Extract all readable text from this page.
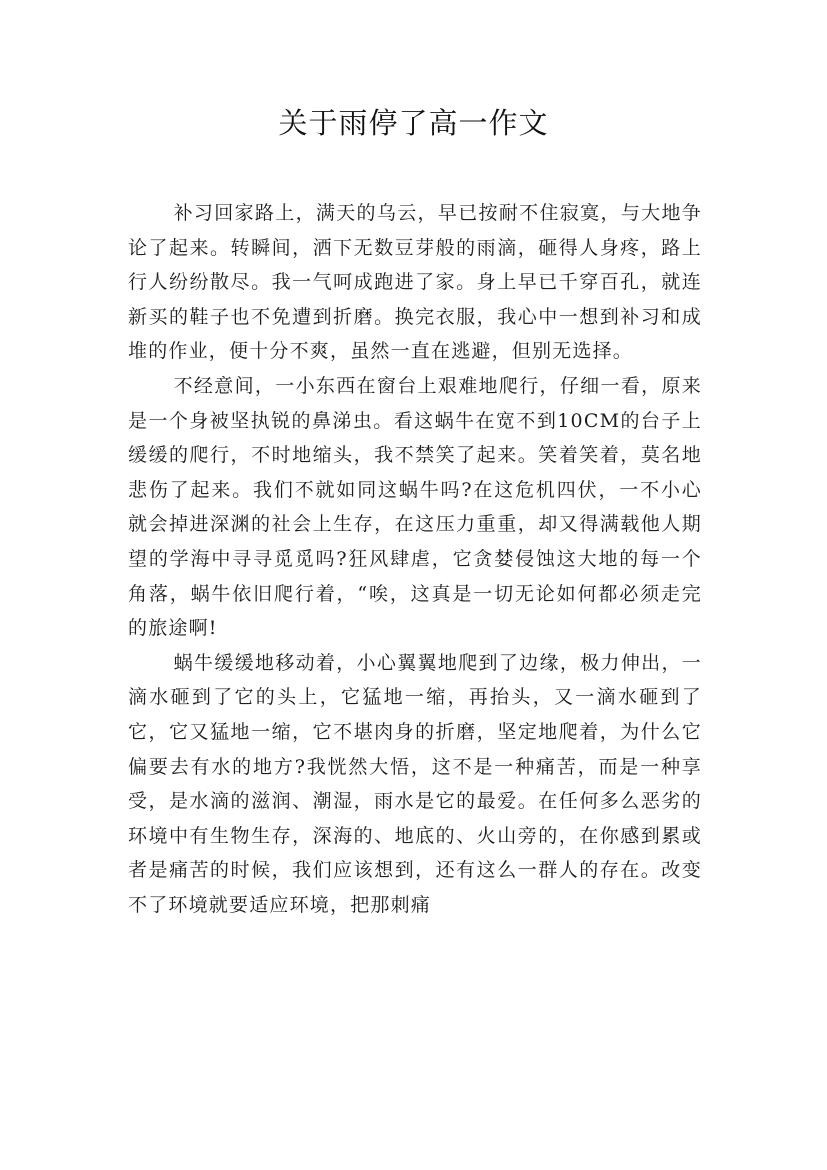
关于雨停了高一作文

补习回家路上，满天的乌云，早已按耐不住寂寞，与大地争论了起来。转瞬间，洒下无数豆芽般的雨滴，砸得人身疼，路上行人纷纷散尽。我一气呵成跑进了家。身上早已千穿百孔，就连新买的鞋子也不免遭到折磨。换完衣服，我心中一想到补习和成堆的作业，便十分不爽，虽然一直在逃避，但别无选择。

不经意间，一小东西在窗台上艰难地爬行，仔细一看，原来是一个身被坚执锐的鼻涕虫。看这蜗牛在宽不到10CM的台子上缓缓的爬行，不时地缩头，我不禁笑了起来。笑着笑着，莫名地悲伤了起来。我们不就如同这蜗牛吗?在这危机四伏，一不小心就会掉进深渊的社会上生存，在这压力重重，却又得满载他人期望的学海中寻寻觅觅吗?狂风肆虐，它贪婪侵蚀这大地的每一个角落，蜗牛依旧爬行着，“唉，这真是一切无论如何都必须走完的旅途啊!

蜗牛缓缓地移动着，小心翼翼地爬到了边缘，极力伸出，一滴水砸到了它的头上，它猛地一缩，再抬头，又一滴水砸到了它，它又猛地一缩，它不堪肉身的折磨，坚定地爬着，为什么它偏要去有水的地方?我恍然大悟，这不是一种痛苦，而是一种享受，是水滴的滋润、潮湿，雨水是它的最爱。在任何多么恶劣的环境中有生物生存，深海的、地底的、火山旁的，在你感到累或者是痛苦的时候，我们应该想到，还有这么一群人的存在。改变不了环境就要适应环境，把那刺痛
